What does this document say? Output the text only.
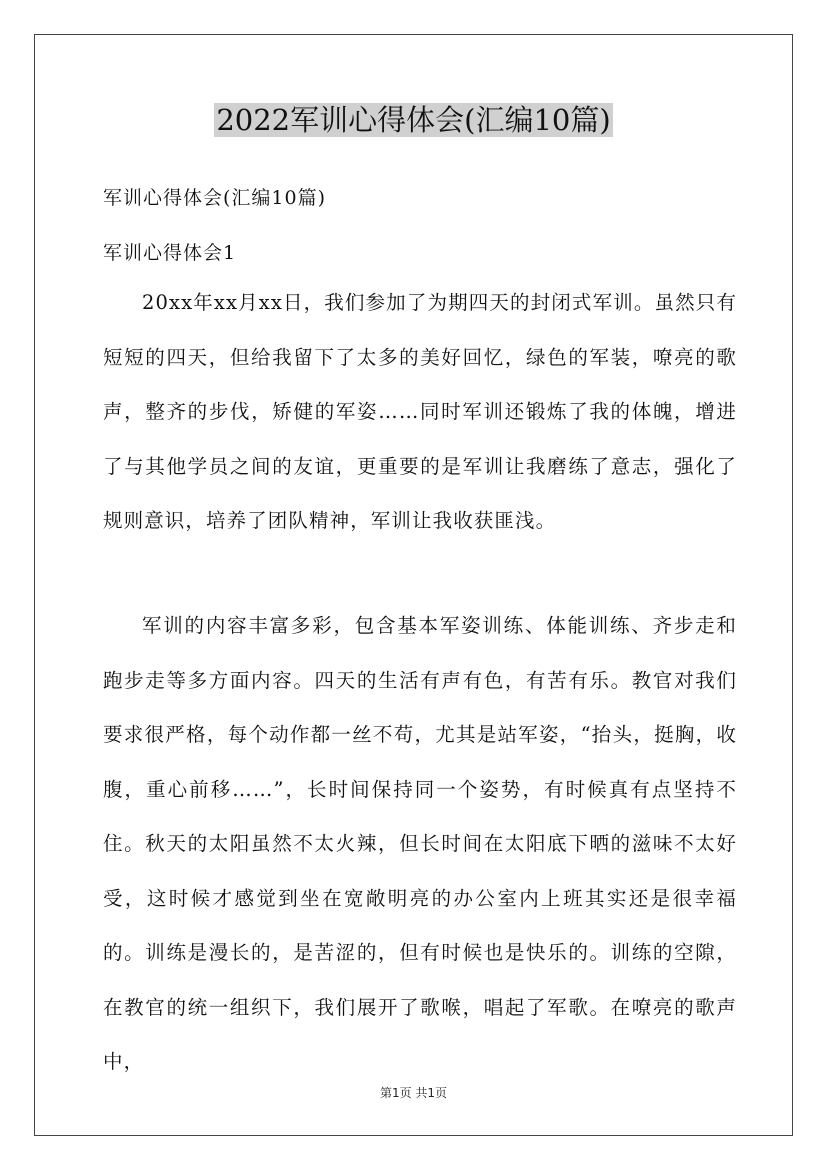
2022军训心得体会(汇编10篇)
军训心得体会(汇编10篇)
军训心得体会1
20xx年xx月xx日，我们参加了为期四天的封闭式军训。虽然只有短短的四天，但给我留下了太多的美好回忆，绿色的军装，嘹亮的歌声，整齐的步伐，矫健的军姿……同时军训还锻炼了我的体魄，增进了与其他学员之间的友谊，更重要的是军训让我磨练了意志，强化了规则意识，培养了团队精神，军训让我收获匪浅。
军训的内容丰富多彩，包含基本军姿训练、体能训练、齐步走和跑步走等多方面内容。四天的生活有声有色，有苦有乐。教官对我们要求很严格，每个动作都一丝不苟，尤其是站军姿，“抬头，挺胸，收腹，重心前移……”，长时间保持同一个姿势，有时候真有点坚持不住。秋天的太阳虽然不太火辣，但长时间在太阳底下晒的滋味不太好受，这时候才感觉到坐在宽敞明亮的办公室内上班其实还是很幸福的。训练是漫长的，是苦涩的，但有时候也是快乐的。训练的空隙，在教官的统一组织下，我们展开了歌喉，唱起了军歌。在嘹亮的歌声中，
第1页 共1页
